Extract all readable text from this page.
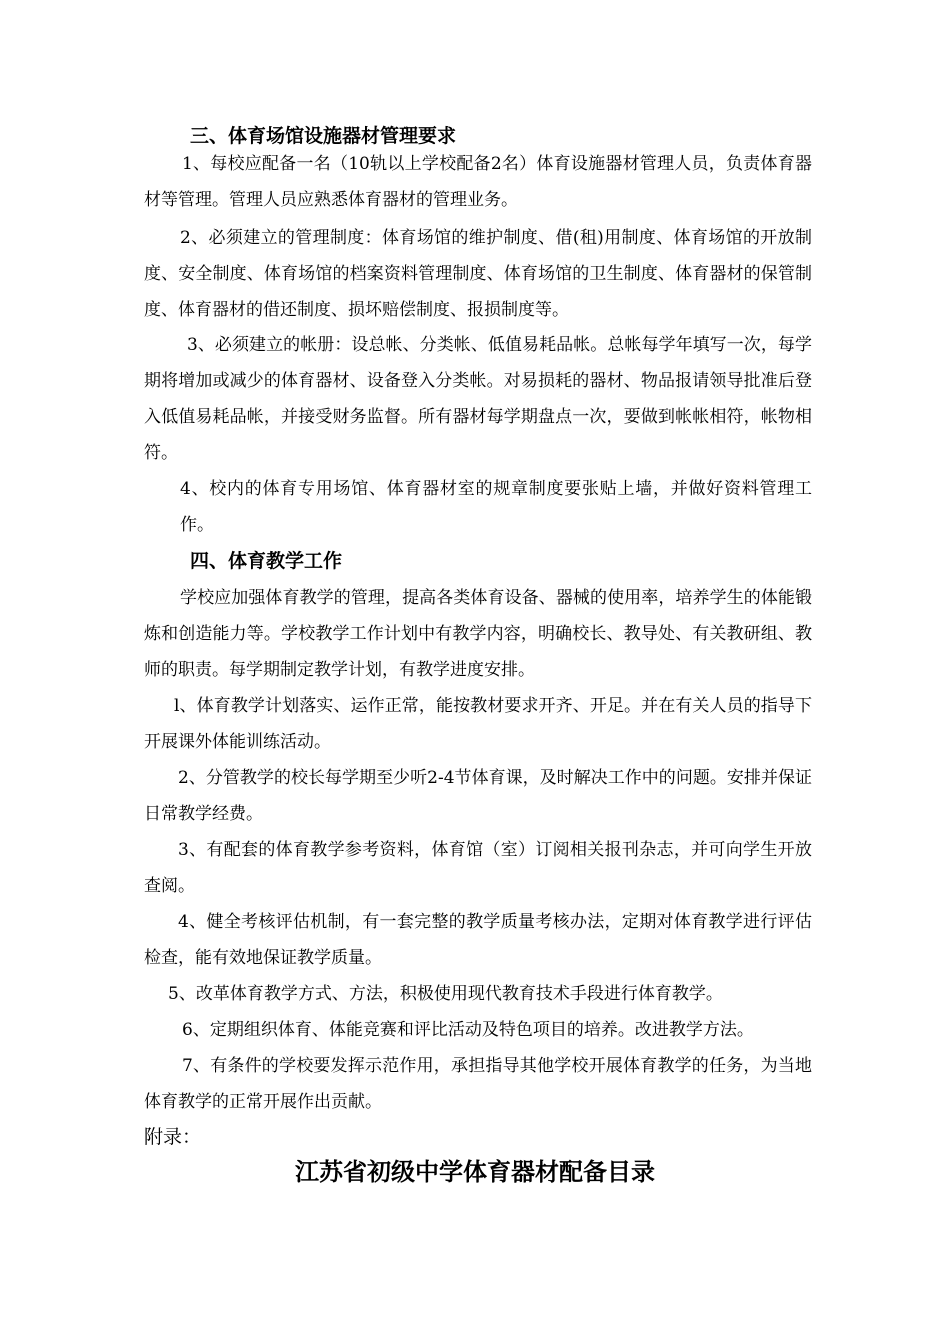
三、体育场馆设施器材管理要求

1、每校应配备一名（10轨以上学校配备2名）体育设施器材管理人员，负责体育器材等管理。管理人员应熟悉体育器材的管理业务。

2、必须建立的管理制度：体育场馆的维护制度、借(租)用制度、体育场馆的开放制度、安全制度、体育场馆的档案资料管理制度、体育场馆的卫生制度、体育器材的保管制度、体育器材的借还制度、损坏赔偿制度、报损制度等。

3、必须建立的帐册：设总帐、分类帐、低值易耗品帐。总帐每学年填写一次，每学期将增加或减少的体育器材、设备登入分类帐。对易损耗的器材、物品报请领导批准后登入低值易耗品帐，并接受财务监督。所有器材每学期盘点一次，要做到帐帐相符，帐物相符。

4、校内的体育专用场馆、体育器材室的规章制度要张贴上墙，并做好资料管理工作。

四、体育教学工作

学校应加强体育教学的管理，提高各类体育设备、器械的使用率，培养学生的体能锻炼和创造能力等。学校教学工作计划中有教学内容，明确校长、教导处、有关教研组、教师的职责。每学期制定教学计划，有教学进度安排。

l、体育教学计划落实、运作正常，能按教材要求开齐、开足。并在有关人员的指导下开展课外体能训练活动。

2、分管教学的校长每学期至少听2-4节体育课，及时解决工作中的问题。安排并保证日常教学经费。

3、有配套的体育教学参考资料，体育馆（室）订阅相关报刊杂志，并可向学生开放查阅。

4、健全考核评估机制，有一套完整的教学质量考核办法，定期对体育教学进行评估检查，能有效地保证教学质量。

5、改革体育教学方式、方法，积极使用现代教育技术手段进行体育教学。

6、定期组织体育、体能竞赛和评比活动及特色项目的培养。改进教学方法。

7、有条件的学校要发挥示范作用，承担指导其他学校开展体育教学的任务，为当地体育教学的正常开展作出贡献。

附录：

江苏省初级中学体育器材配备目录
